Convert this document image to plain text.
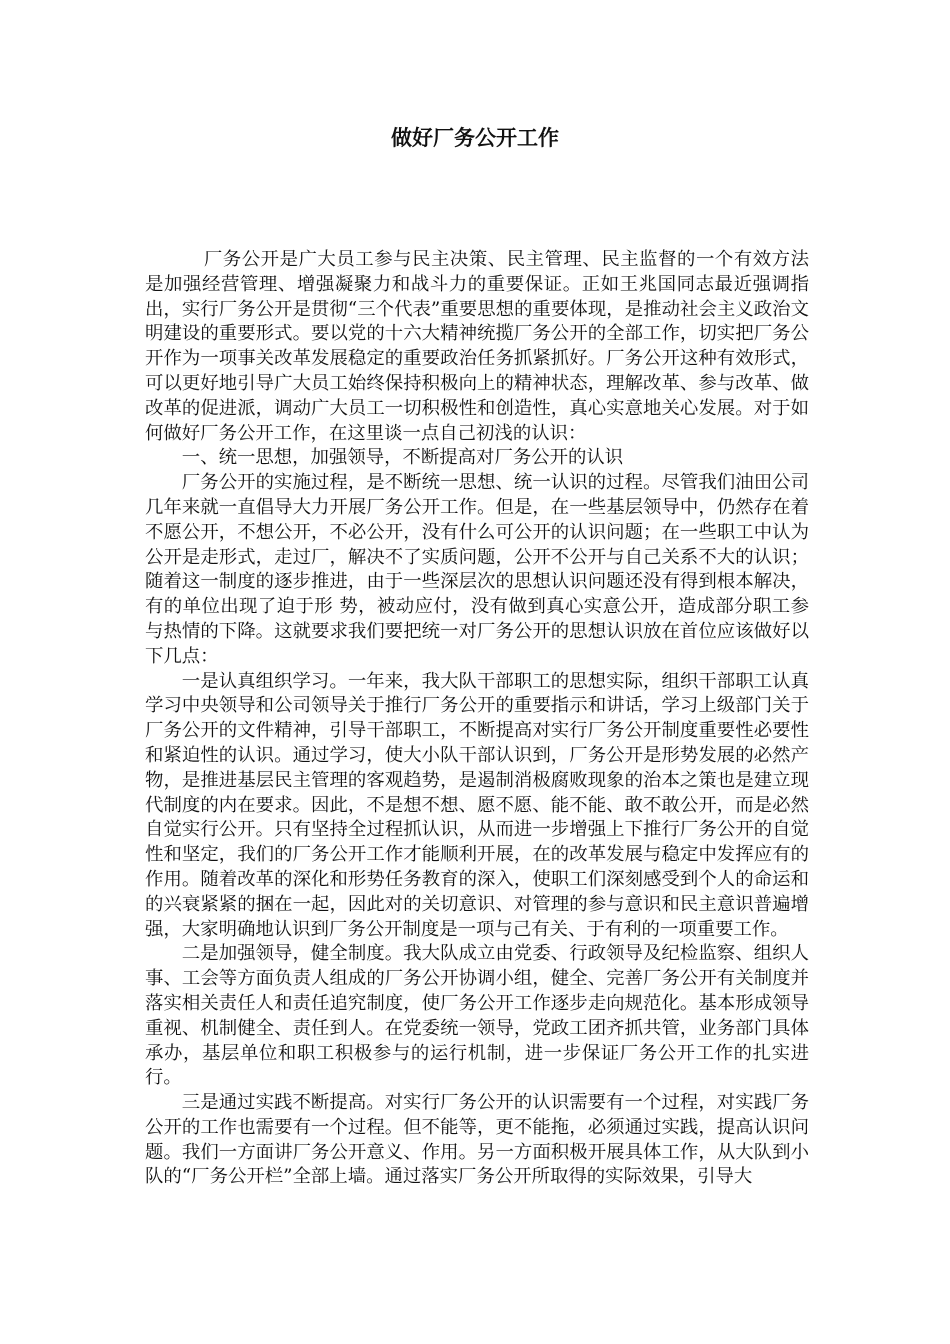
做好厂务公开工作

厂务公开是广大员工参与民主决策、民主管理、民主监督的一个有效方法是加强经营管理、增强凝聚力和战斗力的重要保证。正如王兆国同志最近强调指出，实行厂务公开是贯彻“三个代表”重要思想的重要体现，是推动社会主义政治文明建设的重要形式。要以党的十六大精神统揽厂务公开的全部工作，切实把厂务公开作为一项事关改革发展稳定的重要政治任务抓紧抓好。厂务公开这种有效形式，可以更好地引导广大员工始终保持积极向上的精神状态，理解改革、参与改革、做改革的促进派，调动广大员工一切积极性和创造性，真心实意地关心发展。对于如何做好厂务公开工作，在这里谈一点自己初浅的认识：

一、统一思想，加强领导，不断提高对厂务公开的认识

厂务公开的实施过程，是不断统一思想、统一认识的过程。尽管我们油田公司几年来就一直倡导大力开展厂务公开工作。但是，在一些基层领导中，仍然存在着不愿公开，不想公开，不必公开，没有什么可公开的认识问题；在一些职工中认为公开是走形式，走过厂，解决不了实质问题，公开不公开与自己关系不大的认识；随着这一制度的逐步推进，由于一些深层次的思想认识问题还没有得到根本解决，有的单位出现了迫于形 势，被动应付，没有做到真心实意公开，造成部分职工参与热情的下降。这就要求我们要把统一对厂务公开的思想认识放在首位应该做好以下几点：

一是认真组织学习。一年来，我大队干部职工的思想实际，组织干部职工认真学习中央领导和公司领导关于推行厂务公开的重要指示和讲话，学习上级部门关于厂务公开的文件精神，引导干部职工，不断提高对实行厂务公开制度重要性必要性和紧迫性的认识。通过学习，使大小队干部认识到，厂务公开是形势发展的必然产物，是推进基层民主管理的客观趋势，是遏制消极腐败现象的治本之策也是建立现代制度的内在要求。因此，不是想不想、愿不愿、能不能、敢不敢公开，而是必然自觉实行公开。只有坚持全过程抓认识，从而进一步增强上下推行厂务公开的自觉性和坚定，我们的厂务公开工作才能顺利开展，在的改革发展与稳定中发挥应有的作用。随着改革的深化和形势任务教育的深入，使职工们深刻感受到个人的命运和的兴衰紧紧的捆在一起，因此对的关切意识、对管理的参与意识和民主意识普遍增强，大家明确地认识到厂务公开制度是一项与己有关、于有利的一项重要工作。

二是加强领导，健全制度。我大队成立由党委、行政领导及纪检监察、组织人事、工会等方面负责人组成的厂务公开协调小组，健全、完善厂务公开有关制度并落实相关责任人和责任追究制度，使厂务公开工作逐步走向规范化。基本形成领导重视、机制健全、责任到人。在党委统一领导，党政工团齐抓共管，业务部门具体承办，基层单位和职工积极参与的运行机制，进一步保证厂务公开工作的扎实进行。

三是通过实践不断提高。对实行厂务公开的认识需要有一个过程，对实践厂务公开的工作也需要有一个过程。但不能等，更不能拖，必须通过实践，提高认识问题。我们一方面讲厂务公开意义、作用。另一方面积极开展具体工作，从大队到小队的“厂务公开栏”全部上墙。通过落实厂务公开所取得的实际效果，引导大
